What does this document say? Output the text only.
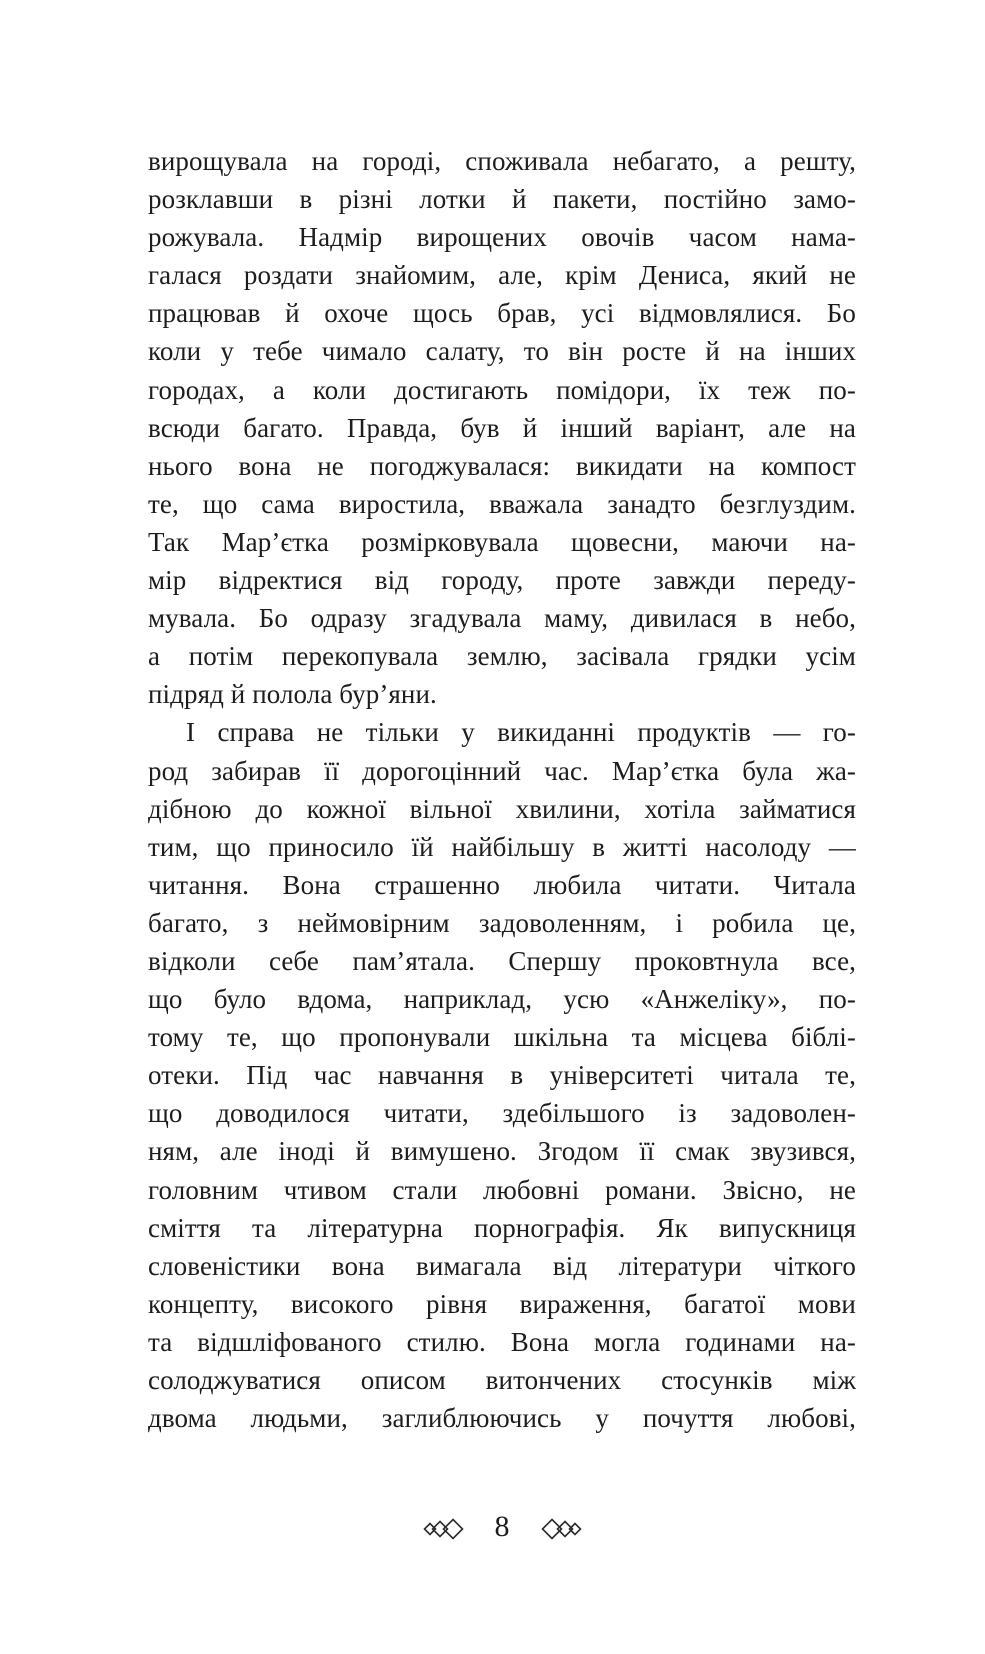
вирощувала на городі, споживала небагато, а решту,
розклавши в різні лотки й пакети, постійно замо-
рожувала. Надмір вирощених овочів часом нама-
галася роздати знайомим, але, крім Дениса, який не
працював й охоче щось брав, усі відмовлялися. Бо
коли у тебе чимало салату, то він росте й на інших
городах, а коли достигають помідори, їх теж по-
всюди багато. Правда, був й інший варіант, але на
нього вона не погоджувалася: викидати на компост
те, що сама виростила, вважала занадто безглуздим.
Так Мар’єтка розмірковувала щовесни, маючи на-
мір відректися від городу, проте завжди переду-
мувала. Бо одразу згадувала маму, дивилася в небо,
а потім перекопувала землю, засівала грядки усім
підряд й полола бур’яни.
І справа не тільки у викиданні продуктів — го-
род забирав її дорогоцінний час. Мар’єтка була жа-
дібною до кожної вільної хвилини, хотіла займатися
тим, що приносило їй найбільшу в житті насолоду —
читання. Вона страшенно любила читати. Читала
багато, з неймовірним задоволенням, і робила це,
відколи себе пам’ятала. Спершу проковтнула все,
що було вдома, наприклад, усю «Анжеліку», по-
тому те, що пропонували шкільна та місцева біблі-
отеки. Під час навчання в університеті читала те,
що доводилося читати, здебільшого із задоволен-
ням, але іноді й вимушено. Згодом її смак звузився,
головним чтивом стали любовні романи. Звісно, не
сміття та літературна порнографія. Як випускниця
словеністики вона вимагала від літератури чіткого
концепту, високого рівня вираження, багатої мови
та відшліфованого стилю. Вона могла годинами на-
солоджуватися описом витончених стосунків між
двома людьми, заглиблюючись у почуття любові,
8
